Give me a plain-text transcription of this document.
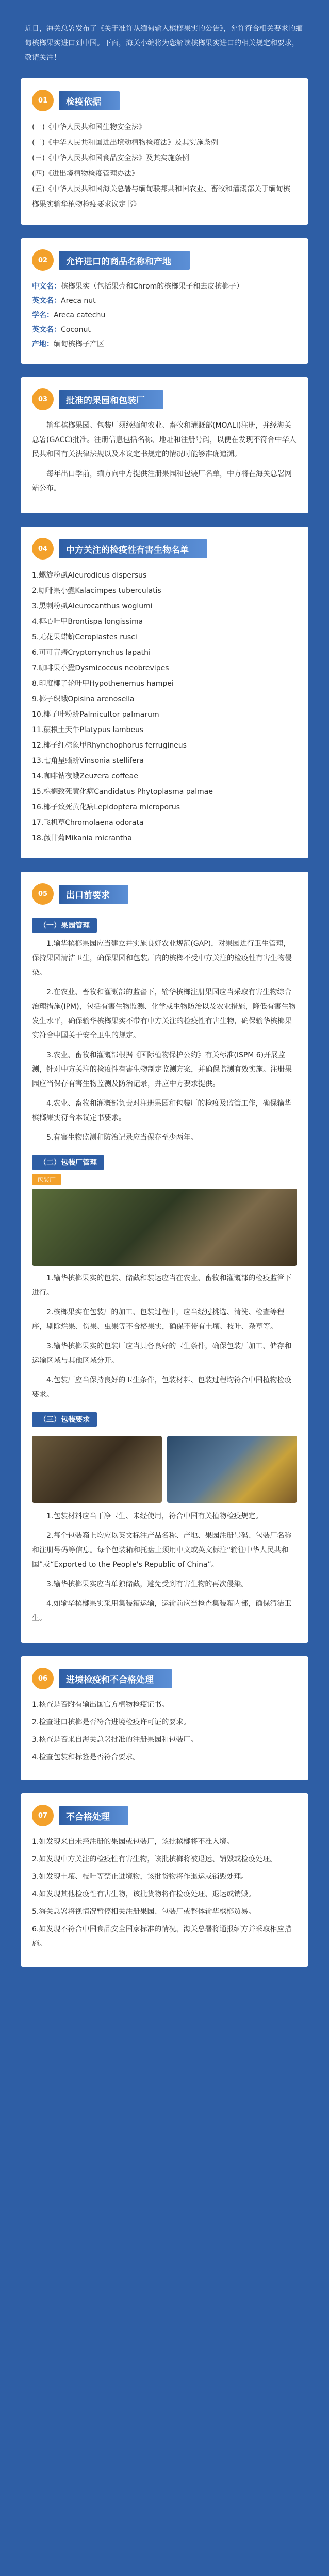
近日，海关总署发布了《关于准许从缅甸输入槟榔果实的公告》，允许符合相关要求的缅甸槟榔果实进口到中国。下面，海关小编将为您解读槟榔果实进口的相关规定和要求，敬请关注！

01	检疫依据
(一)《中华人民共和国生物安全法》
(二)《中华人民共和国进出境动植物检疫法》及其实施条例
(三)《中华人民共和国食品安全法》及其实施条例
(四)《进出境植物检疫管理办法》
(五)《中华人民共和国海关总署与缅甸联邦共和国农业、畜牧和灌溉部关于缅甸槟榔果实输华植物检疫要求议定书》
02	允许进口的商品名称和产地
中文名：槟榔果实（包括果壳和Chrom的槟榔果子和去皮槟榔子）
英文名：Areca nut
学名：Areca catechu
英文名：Coconut
产地：缅甸槟榔子产区
03	批准的果园和包装厂

输华槟榔果园、包装厂须经缅甸农业、畜牧和灌溉部(MOALI)注册，并经海关总署(GACC)批准。注册信息包括名称、地址和注册号码，以便在发现不符合中华人民共和国有关法律法规以及本议定书规定的情况时能够准确追溯。

每年出口季前，缅方向中方提供注册果园和包装厂名单，中方将在海关总署网站公布。

04	中方关注的检疫性有害生物名单
1.螺旋粉虱Aleurodicus dispersus
2.咖啡果小蠹Kalacimpes tuberculatis
3.黑刺粉虱Aleurocanthus woglumi
4.椰心叶甲Brontispa longissima
5.无花果蜡蚧Ceroplastes rusci
6.可可盲蝽Cryptorrynchus lapathi
7.咖啡果小蠹Dysmicoccus neobrevipes
8.印度椰子轮叶甲Hypothenemus hampei
9.椰子织蛾Opisina arenosella
10.椰子叶粉蚧Palmicultor palmarum
11.蔗根土天牛Platypus lambeus
12.椰子红棕象甲Rhynchophorus ferrugineus
13.七角星蜡蚧Vinsonia stellifera
14.咖啡钻夜蛾Zeuzera coffeae
15.棕榈致死黄化病Candidatus Phytoplasma palmae
16.椰子致死黄化病Lepidoptera microporus
17.飞机草Chromolaena odorata
18.薇甘菊Mikania micrantha
05	出口前要求
（一）果园管理

1.输华槟榔果园应当建立并实施良好农业规范(GAP)，对果园进行卫生管理，保持果园清洁卫生，确保果园和包装厂内的槟榔不受中方关注的检疫性有害生物侵染。

2.在农业、畜牧和灌溉部的监督下，输华槟榔注册果园应当采取有害生物综合治理措施(IPM)，包括有害生物监测、化学或生物防治以及农业措施，降低有害生物发生水平，确保输华槟榔果实不带有中方关注的检疫性有害生物，确保输华槟榔果实符合中国关于安全卫生的规定。

3.农业、畜牧和灌溉部根据《国际植物保护公约》有关标准(ISPM 6)开展监测，针对中方关注的检疫性有害生物制定监测方案，并确保监测有效实施。注册果园应当保存有害生物监测及防治记录，并应中方要求提供。

4.农业、畜牧和灌溉部负责对注册果园和包装厂的检疫及监管工作，确保输华槟榔果实符合本议定书要求。

5.有害生物监测和防治记录应当保存至少两年。

（二）包装厂管理
包装厂

1.输华槟榔果实的包装、储藏和装运应当在农业、畜牧和灌溉部的检疫监管下进行。

2.槟榔果实在包装厂的加工、包装过程中，应当经过挑选、清洗、检查等程序，剔除烂果、伤果、虫果等不合格果实，确保不带有土壤、枝叶、杂草等。

3.输华槟榔果实的包装厂应当具备良好的卫生条件，确保包装厂加工、储存和运输区域与其他区域分开。

4.包装厂应当保持良好的卫生条件，包装材料、包装过程均符合中国植物检疫要求。

（三）包装要求

1.包装材料应当干净卫生、未经使用，符合中国有关植物检疫规定。

2.每个包装箱上均应以英文标注产品名称、产地、果园注册号码、包装厂名称和注册号码等信息。每个包装箱和托盘上须用中文或英文标注“输往中华人民共和国”或“Exported to the People's Republic of China”。

3.输华槟榔果实应当单独储藏，避免受到有害生物的再次侵染。

4.如输华槟榔果实采用集装箱运输，运输前应当检查集装箱内部，确保清洁卫生。

06	进境检疫和不合格处理

1.核查是否附有输出国官方植物检疫证书。

2.检查进口槟榔是否符合进境检疫许可证的要求。

3.核查是否来自海关总署批准的注册果园和包装厂。

4.检查包装和标签是否符合要求。

07	不合格处理

1.如发现来自未经注册的果园或包装厂，该批槟榔将不准入境。

2.如发现中方关注的检疫性有害生物，该批槟榔将被退运、销毁或检疫处理。

3.如发现土壤、枝叶等禁止进境物，该批货物将作退运或销毁处理。

4.如发现其他检疫性有害生物，该批货物将作检疫处理、退运或销毁。

5.海关总署将视情况暂停相关注册果园、包装厂或整体输华槟榔贸易。

6.如发现不符合中国食品安全国家标准的情况，海关总署将通报缅方并采取相应措施。
